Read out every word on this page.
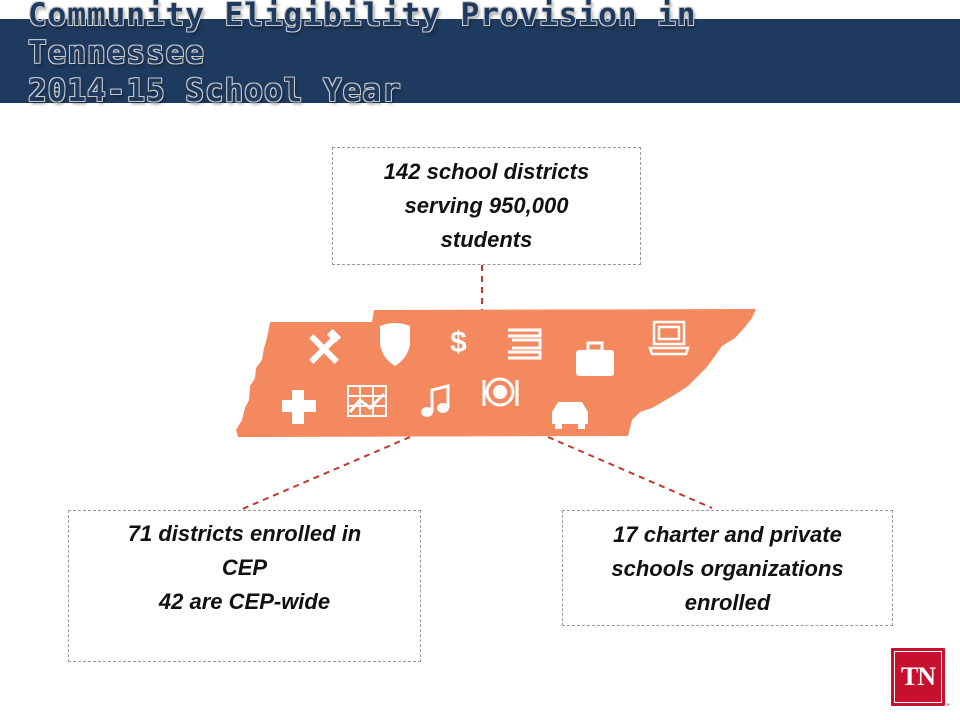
Community Eligibility Provision in
Tennessee
2014-15 School Year
$
142 school districts
serving 950,000
students
71 districts enrolled in
CEP
42 are CEP-wide
17 charter and private
schools organizations
enrolled
TN
™
